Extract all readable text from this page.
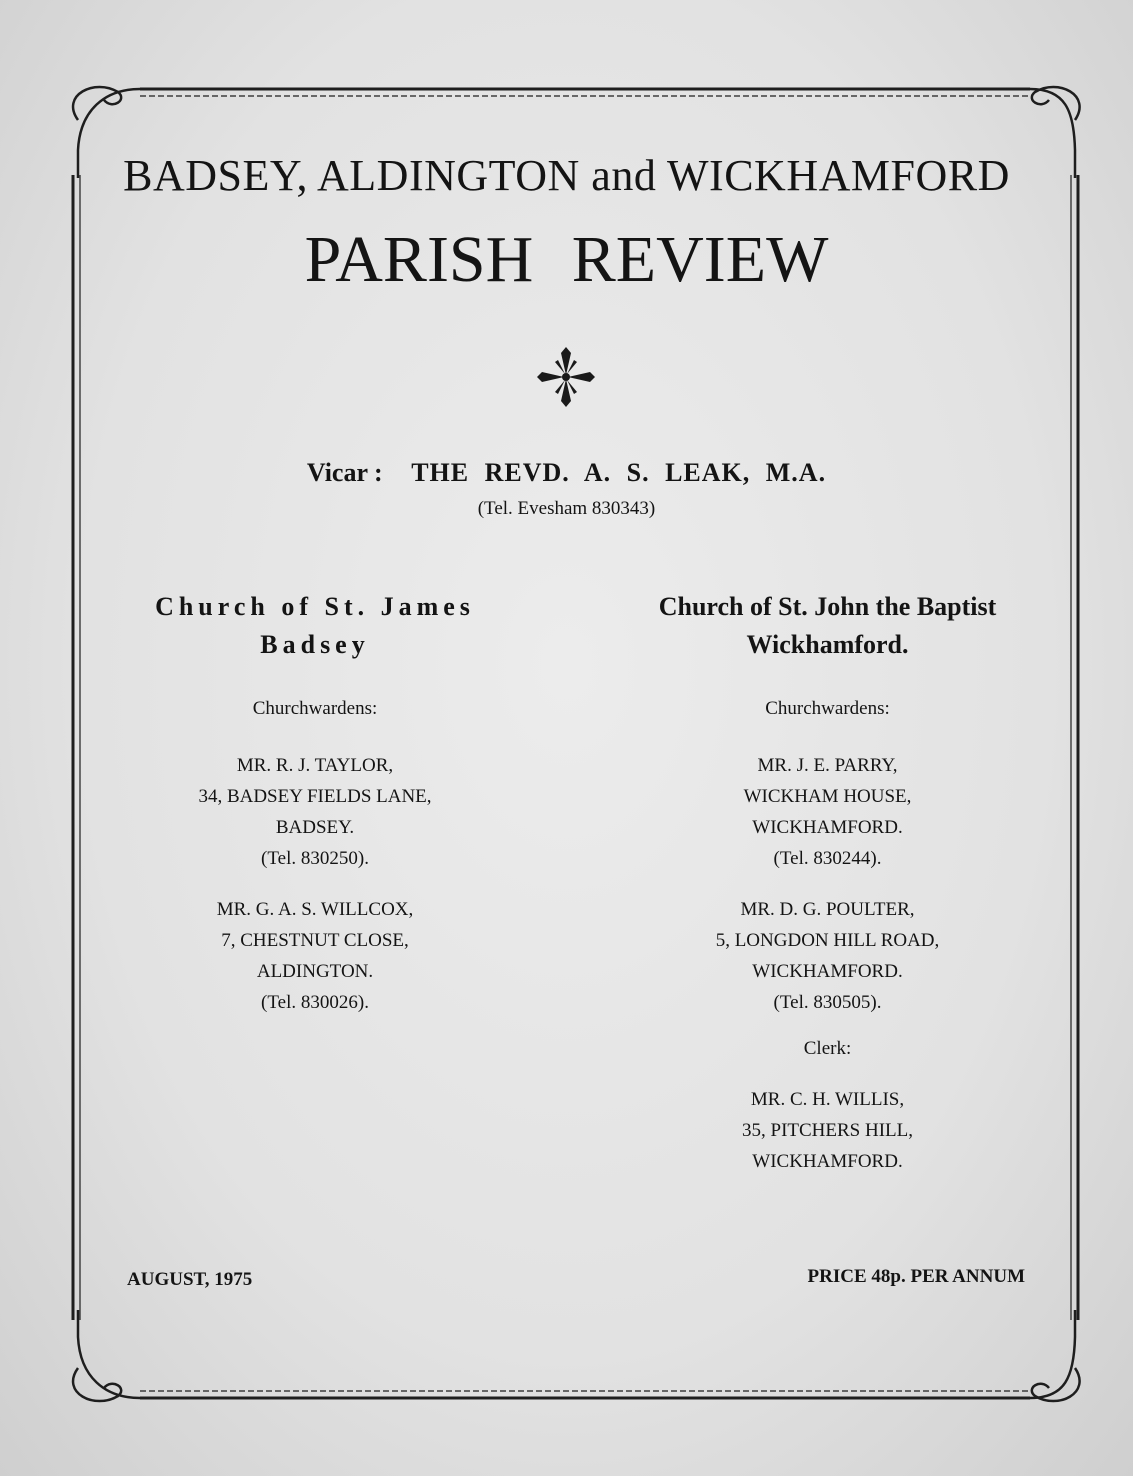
BADSEY, ALDINGTON and WICKHAMFORD
PARISH REVIEW
Vicar : THE REVD. A. S. LEAK, M.A.
(Tel. Evesham 830343)
Church of St. James
Badsey
Churchwardens:
MR. R. J. TAYLOR,
34, BADSEY FIELDS LANE,
BADSEY.
(Tel. 830250).
MR. G. A. S. WILLCOX,
7, CHESTNUT CLOSE,
ALDINGTON.
(Tel. 830026).
Church of St. John the Baptist
Wickhamford.
Churchwardens:
MR. J. E. PARRY,
WICKHAM HOUSE,
WICKHAMFORD.
(Tel. 830244).
MR. D. G. POULTER,
5, LONGDON HILL ROAD,
WICKHAMFORD.
(Tel. 830505).
Clerk:
MR. C. H. WILLIS,
35, PITCHERS HILL,
WICKHAMFORD.
AUGUST, 1975	PRICE 48p. PER ANNUM
